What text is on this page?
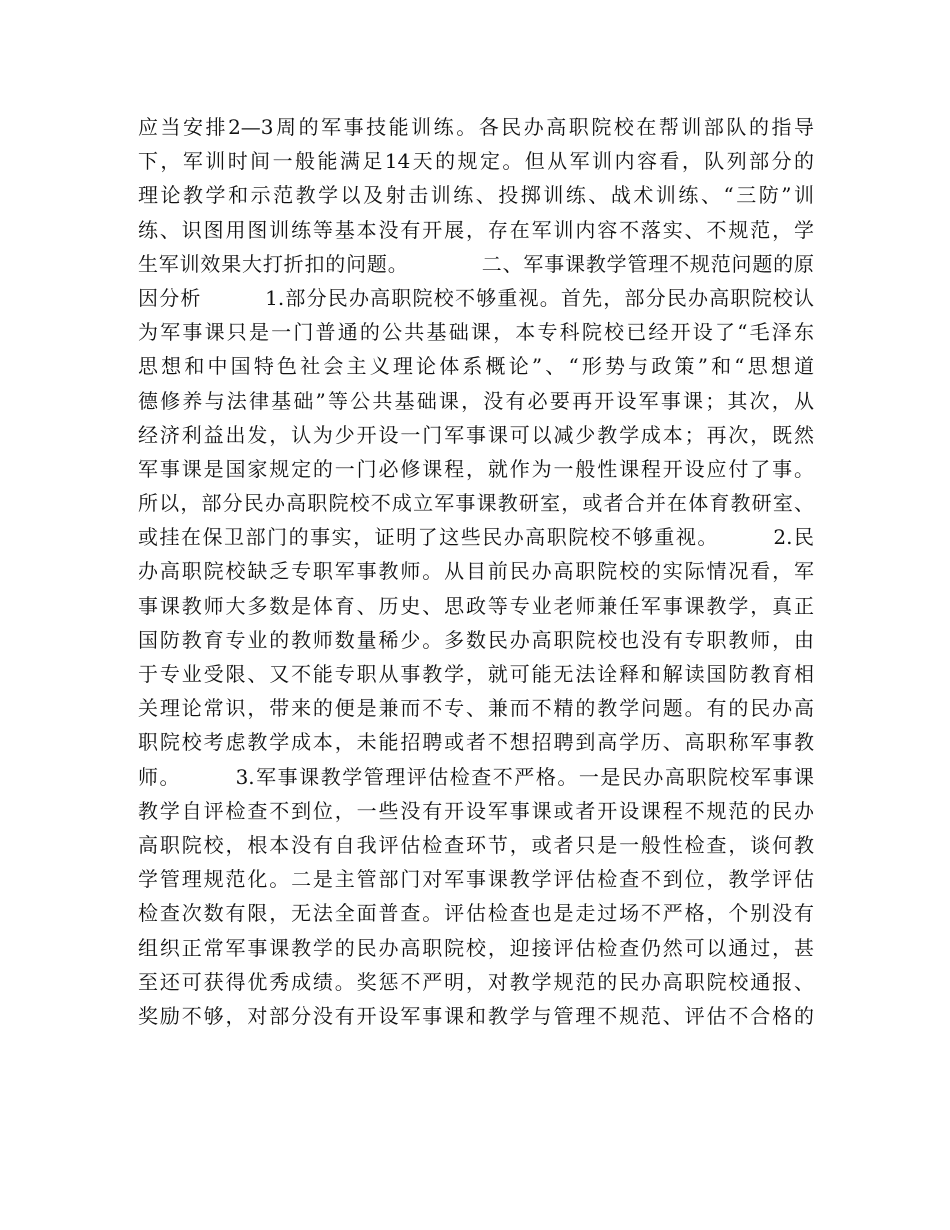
应当安排2—3周的军事技能训练。各民办高职院校在帮训部队的指导
下，军训时间一般能满足14天的规定。但从军训内容看，队列部分的
理论教学和示范教学以及射击训练、投掷训练、战术训练、“三防”训
练、识图用图训练等基本没有开展，存在军训内容不落实、不规范，学
生军训效果大打折扣的问题。　　　　二、军事课教学管理不规范问题的原
因分析　　　1.部分民办高职院校不够重视。首先，部分民办高职院校认
为军事课只是一门普通的公共基础课，本专科院校已经开设了“毛泽东
思想和中国特色社会主义理论体系概论”、“形势与政策”和“思想道
德修养与法律基础”等公共基础课，没有必要再开设军事课；其次，从
经济利益出发，认为少开设一门军事课可以减少教学成本；再次，既然
军事课是国家规定的一门必修课程，就作为一般性课程开设应付了事。
所以，部分民办高职院校不成立军事课教研室，或者合并在体育教研室、
或挂在保卫部门的事实，证明了这些民办高职院校不够重视。　　　2.民
办高职院校缺乏专职军事教师。从目前民办高职院校的实际情况看，军
事课教师大多数是体育、历史、思政等专业老师兼任军事课教学，真正
国防教育专业的教师数量稀少。多数民办高职院校也没有专职教师，由
于专业受限、又不能专职从事教学，就可能无法诠释和解读国防教育相
关理论常识，带来的便是兼而不专、兼而不精的教学问题。有的民办高
职院校考虑教学成本，未能招聘或者不想招聘到高学历、高职称军事教
师。　　　3.军事课教学管理评估检查不严格。一是民办高职院校军事课
教学自评检查不到位，一些没有开设军事课或者开设课程不规范的民办
高职院校，根本没有自我评估检查环节，或者只是一般性检查，谈何教
学管理规范化。二是主管部门对军事课教学评估检查不到位，教学评估
检查次数有限，无法全面普查。评估检查也是走过场不严格，个别没有
组织正常军事课教学的民办高职院校，迎接评估检查仍然可以通过，甚
至还可获得优秀成绩。奖惩不严明，对教学规范的民办高职院校通报、
奖励不够，对部分没有开设军事课和教学与管理不规范、评估不合格的
